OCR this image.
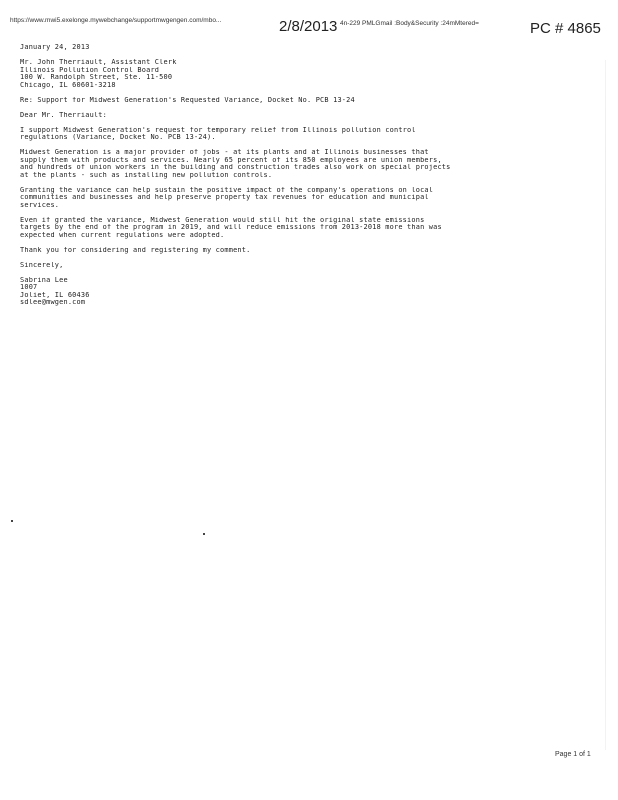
https://www.mwi5.exelonge.mywebchange/supportmwgengen.com/mbo...	2/8/2013 4n-229 PMLGmail :Body&Security :24mMtered=	PC # 4865
January 24, 2013
Mr. John Therriault, Assistant Clerk
Illinois Pollution Control Board
100 W. Randolph Street, Ste. 11-500
Chicago, IL 60601-3218
Re: Support for Midwest Generation's Requested Variance, Docket No. PCB 13-24
Dear Mr. Therriault:
I support Midwest Generation's request for temporary relief from Illinois pollution control
regulations (Variance, Docket No. PCB 13-24).
Midwest Generation is a major provider of jobs - at its plants and at Illinois businesses that
supply them with products and services. Nearly 65 percent of its 850 employees are union members,
and hundreds of union workers in the building and construction trades also work on special projects
at the plants - such as installing new pollution controls.
Granting the variance can help sustain the positive impact of the company's operations on local
communities and businesses and help preserve property tax revenues for education and municipal
services.
Even if granted the variance, Midwest Generation would still hit the original state emissions
targets by the end of the program in 2019, and will reduce emissions from 2013-2018 more than was
expected when current regulations were adopted.
Thank you for considering and registering my comment.
Sincerely,
Sabrina Lee
1007
Joliet, IL 60436
sdlee@mwgen.com
Page 1 of 1
